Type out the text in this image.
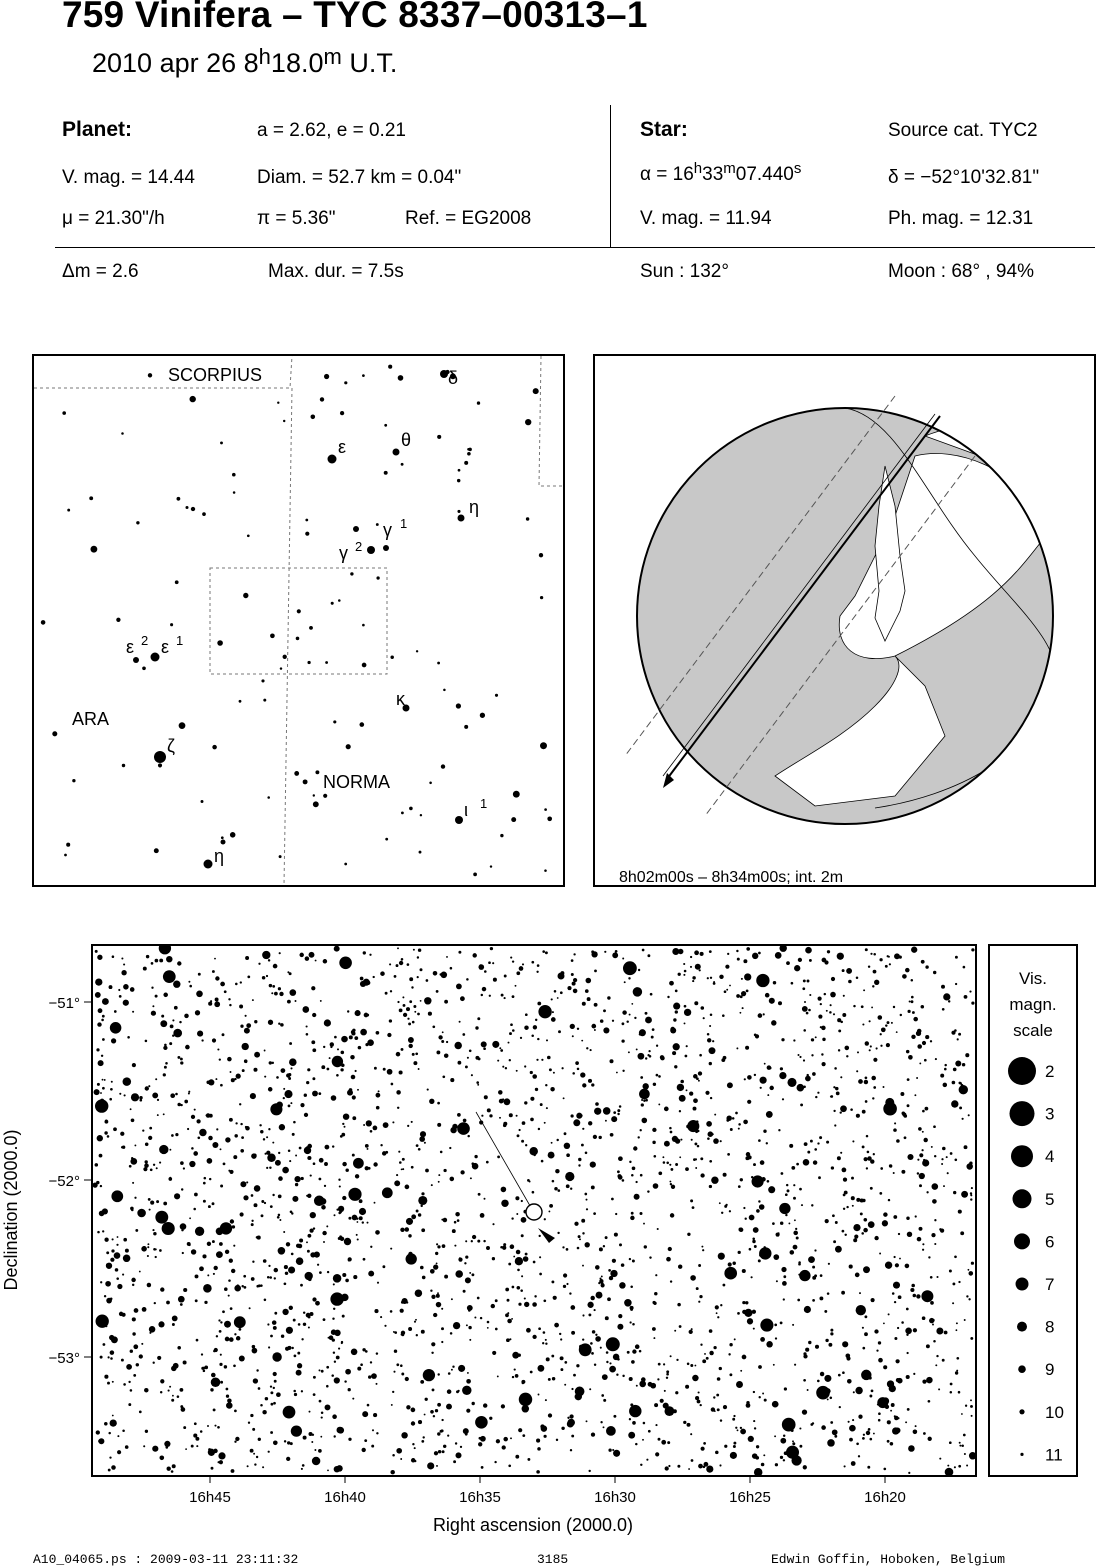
759 Vinifera – TYC 8337–00313–1
2010 apr 26 8$^h$18.0$^m$ U.T.
Planet:	a = 2.62, e = 0.21
V. mag. = 14.44	Diam. = 52.7 km = 0.04"
μ = 21.30"/h	π = 5.36"	Ref. = EG2008
Δm = 2.6	Max. dur. = 7.5s
Star:	Source cat. TYC2
$\alpha = 16^h33^m07.440^s$	δ = −52°10'32.81"
V. mag. = 11.94	Ph. mag. = 12.31
Sun : 132°	Moon : 68° , 94%
SCORPIUS
ARA
NORMA
δ
ε	θ
η
γ 1
γ 2
ε 2 ε 1
κ
ζ
ι 1
η
8h02m00s – 8h34m00s; int. 2m
−51°
−52°
−53°
16h45	16h40	16h35	16h30	16h25	16h20
Right ascension (2000.0)
Declination (2000.0)
Vis.
magn.
scale
2
3
4
5
6
7
8
9
10
11
A10_04065.ps : 2009-03-11 23:11:32	3185	Edwin Goffin, Hoboken, Belgium
